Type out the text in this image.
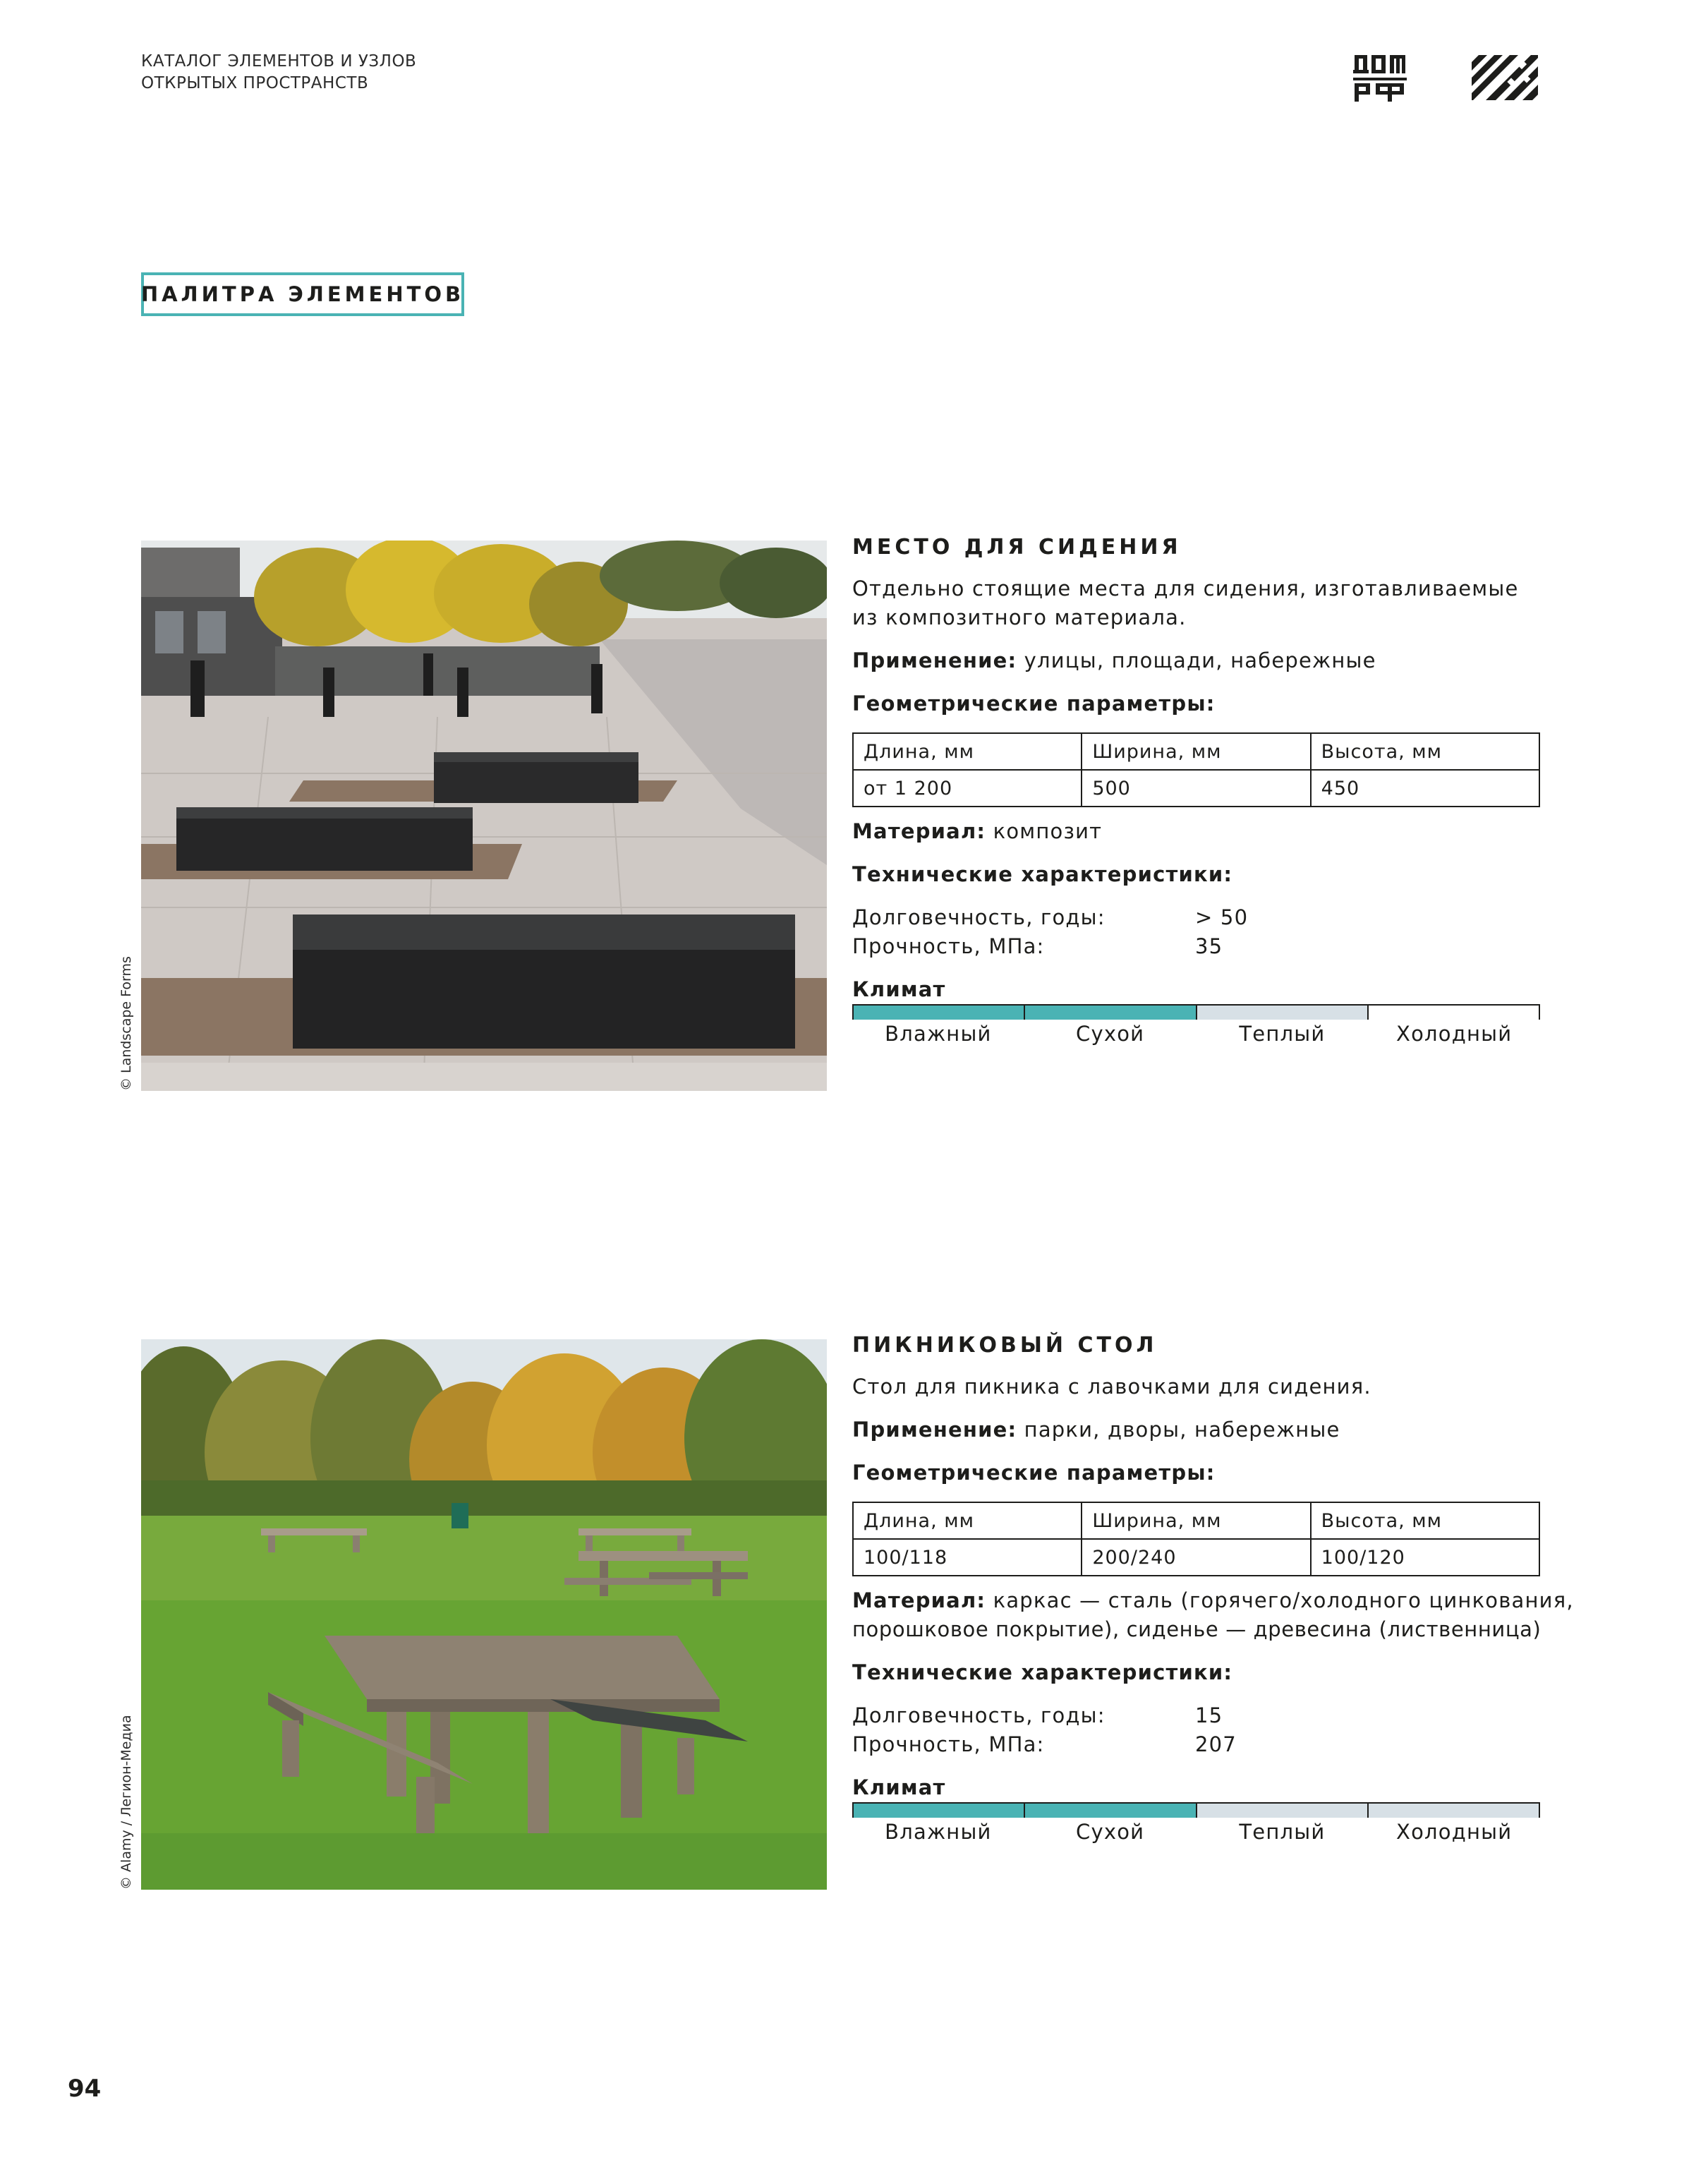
КАТАЛОГ ЭЛЕМЕНТОВ И УЗЛОВ
ОТКРЫТЫХ ПРОСТРАНСТВ
ПАЛИТРА ЭЛЕМЕНТОВ
© Landscape Forms

МЕСТО ДЛЯ СИДЕНИЯ

Отдельно стоящие места для сидения, изготавливаемые

из композитного материала.

Применение: улицы, площади, набережные

Геометрические параметры:

Длина, мм	Ширина, мм	Высота, мм
от 1 200	500	450

Материал: композит

Технические характеристики:

Долговечность, годы:	> 50
Прочность, МПа:	35

Климат

Влажный	Сухой	Теплый	Холодный
© Alamy / Легион-Медиа

ПИКНИКОВЫЙ СТОЛ

Стол для пикника с лавочками для сидения.

Применение: парки, дворы, набережные

Геометрические параметры:

Длина, мм	Ширина, мм	Высота, мм
100/118	200/240	100/120

Материал: каркас — сталь (горячего/холодного цинкования,

порошковое покрытие), сиденье — древесина (лиственница)

Технические характеристики:

Долговечность, годы:	15
Прочность, МПа:	207

Климат

Влажный	Сухой	Теплый	Холодный
94
